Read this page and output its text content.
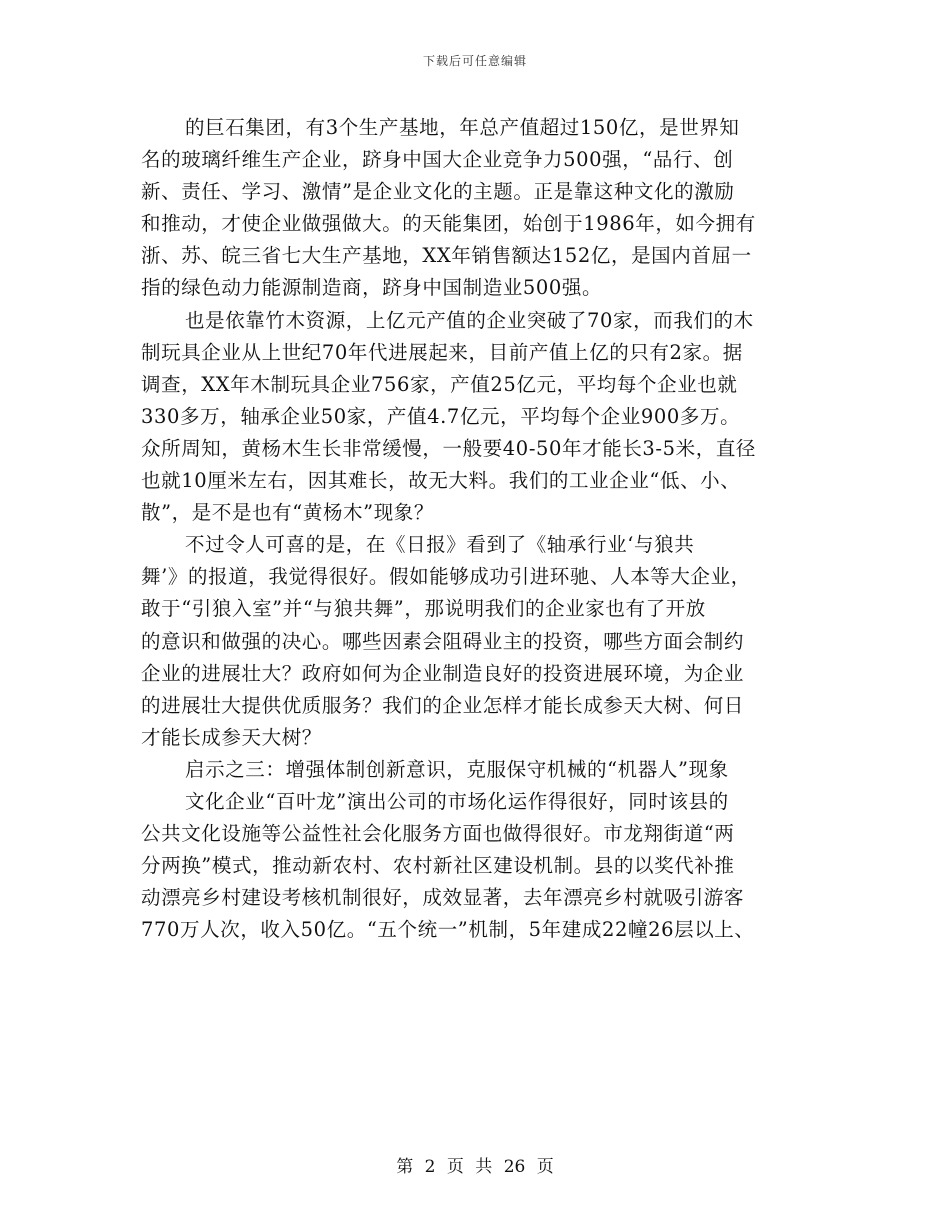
下载后可任意编辑
的巨石集团，有3个生产基地，年总产值超过150亿，是世界知
名的玻璃纤维生产企业，跻身中国大企业竞争力500强，“品行、创
新、责任、学习、激情”是企业文化的主题。正是靠这种文化的激励
和推动，才使企业做强做大。的天能集团，始创于1986年，如今拥有
浙、苏、皖三省七大生产基地，XX年销售额达152亿，是国内首屈一
指的绿色动力能源制造商，跻身中国制造业500强。
也是依靠竹木资源，上亿元产值的企业突破了70家，而我们的木
制玩具企业从上世纪70年代进展起来，目前产值上亿的只有2家。据
调查，XX年木制玩具企业756家，产值25亿元，平均每个企业也就
330多万，轴承企业50家，产值4.7亿元，平均每个企业900多万。
众所周知，黄杨木生长非常缓慢，一般要40-50年才能长3-5米，直径
也就10厘米左右，因其难长，故无大料。我们的工业企业“低、小、
散”，是不是也有“黄杨木”现象？
不过令人可喜的是，在《日报》看到了《轴承行业‘与狼共
舞’》的报道，我觉得很好。假如能够成功引进环驰、人本等大企业，
敢于“引狼入室”并“与狼共舞”，那说明我们的企业家也有了开放
的意识和做强的决心。哪些因素会阻碍业主的投资，哪些方面会制约
企业的进展壮大？政府如何为企业制造良好的投资进展环境，为企业
的进展壮大提供优质服务？我们的企业怎样才能长成参天大树、何日
才能长成参天大树？
启示之三：增强体制创新意识，克服保守机械的“机器人”现象
文化企业“百叶龙”演出公司的市场化运作得很好，同时该县的
公共文化设施等公益性社会化服务方面也做得很好。市龙翔街道“两
分两换”模式，推动新农村、农村新社区建设机制。县的以奖代补推
动漂亮乡村建设考核机制很好，成效显著，去年漂亮乡村就吸引游客
770万人次，收入50亿。“五个统一”机制，5年建成22幢26层以上、
第 2 页 共 26 页
